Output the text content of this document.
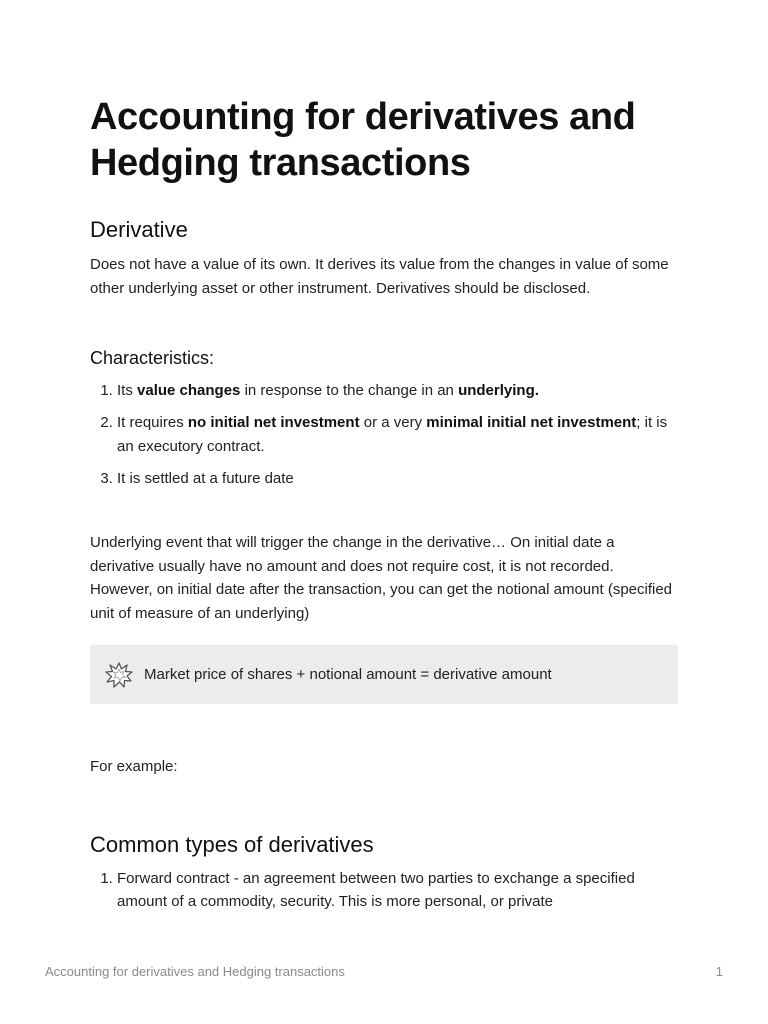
Accounting for derivatives and
Hedging transactions
Derivative

Does not have a value of its own. It derives its value from the changes in value of some other underlying asset or other instrument. Derivatives should be disclosed.

Characteristics:
1. Its value changes in response to the change in an underlying.
2. It requires no initial net investment or a very minimal initial net investment; it is an executory contract.
3. It is settled at a future date

Underlying event that will trigger the change in the derivative… On initial date a derivative usually have no amount and does not require cost, it is not recorded. However, on initial date after the transaction, you can get the notional amount (specified unit of measure of an underlying)

Market price of shares + notional amount = derivative amount

For example:

Common types of derivatives
1. Forward contract - an agreement between two parties to exchange a specified amount of a commodity, security. This is more personal, or private
Accounting for derivatives and Hedging transactions	1
